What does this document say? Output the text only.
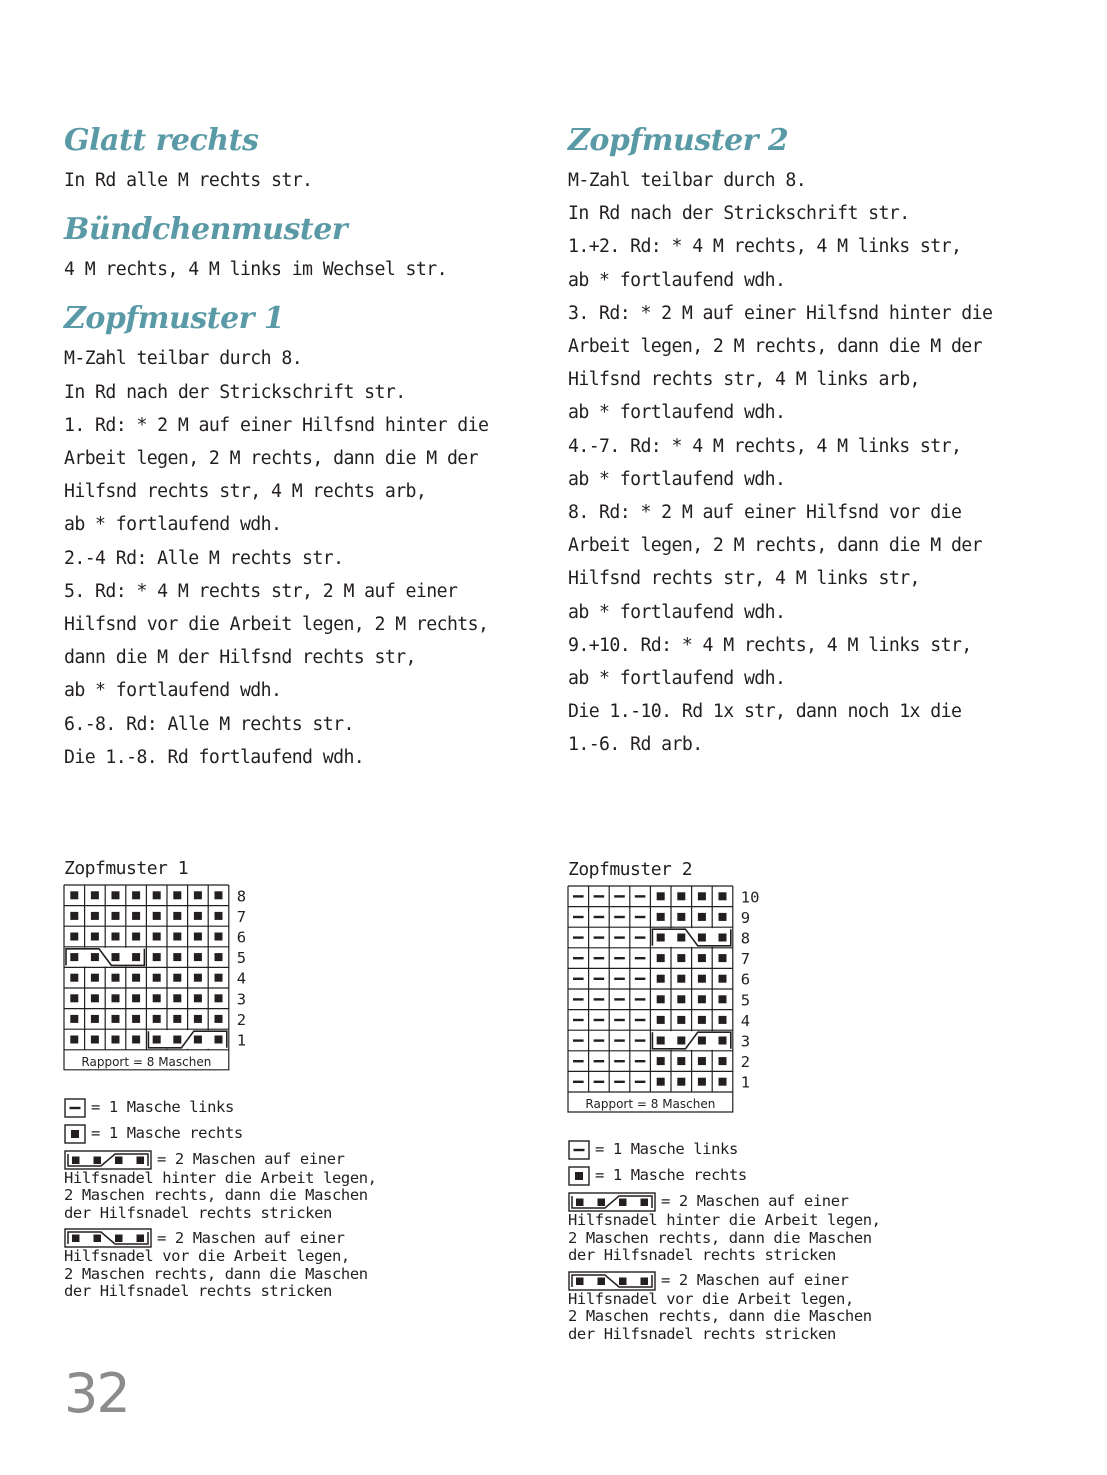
Glatt rechts
In Rd alle M rechts str.
Bündchenmuster
4 M rechts, 4 M links im Wechsel str.
Zopfmuster 1
M-Zahl teilbar durch 8.
In Rd nach der Strickschrift str.
1. Rd: * 2 M auf einer Hilfsnd hinter die
Arbeit legen, 2 M rechts, dann die M der
Hilfsnd rechts str, 4 M rechts arb,
ab * fortlaufend wdh.
2.-4 Rd: Alle M rechts str.
5. Rd: * 4 M rechts str, 2 M auf einer
Hilfsnd vor die Arbeit legen, 2 M rechts,
dann die M der Hilfsnd rechts str,
ab * fortlaufend wdh.
6.-8. Rd: Alle M rechts str.
Die 1.-8. Rd fortlaufend wdh.
Zopfmuster 2
M-Zahl teilbar durch 8.
In Rd nach der Strickschrift str.
1.+2. Rd: * 4 M rechts, 4 M links str,
ab * fortlaufend wdh.
3. Rd: * 2 M auf einer Hilfsnd hinter die
Arbeit legen, 2 M rechts, dann die M der
Hilfsnd rechts str, 4 M links arb,
ab * fortlaufend wdh.
4.-7. Rd: * 4 M rechts, 4 M links str,
ab * fortlaufend wdh.
8. Rd: * 2 M auf einer Hilfsnd vor die
Arbeit legen, 2 M rechts, dann die M der
Hilfsnd rechts str, 4 M links str,
ab * fortlaufend wdh.
9.+10. Rd: * 4 M rechts, 4 M links str,
ab * fortlaufend wdh.
Die 1.-10. Rd 1x str, dann noch 1x die
1.-6. Rd arb.
Zopfmuster 1
8
7
6
5
4
3
2
1
Rapport = 8 Maschen
= 1 Masche links
= 1 Masche rechts
= 2 Maschen auf einer
Hilfsnadel hinter die Arbeit legen,
2 Maschen rechts, dann die Maschen
der Hilfsnadel rechts stricken
= 2 Maschen auf einer
Hilfsnadel vor die Arbeit legen,
2 Maschen rechts, dann die Maschen
der Hilfsnadel rechts stricken
Zopfmuster 2
10
9
8
7
6
5
4
3
2
1
Rapport = 8 Maschen
= 1 Masche links
= 1 Masche rechts
= 2 Maschen auf einer
Hilfsnadel hinter die Arbeit legen,
2 Maschen rechts, dann die Maschen
der Hilfsnadel rechts stricken
= 2 Maschen auf einer
Hilfsnadel vor die Arbeit legen,
2 Maschen rechts, dann die Maschen
der Hilfsnadel rechts stricken
32
